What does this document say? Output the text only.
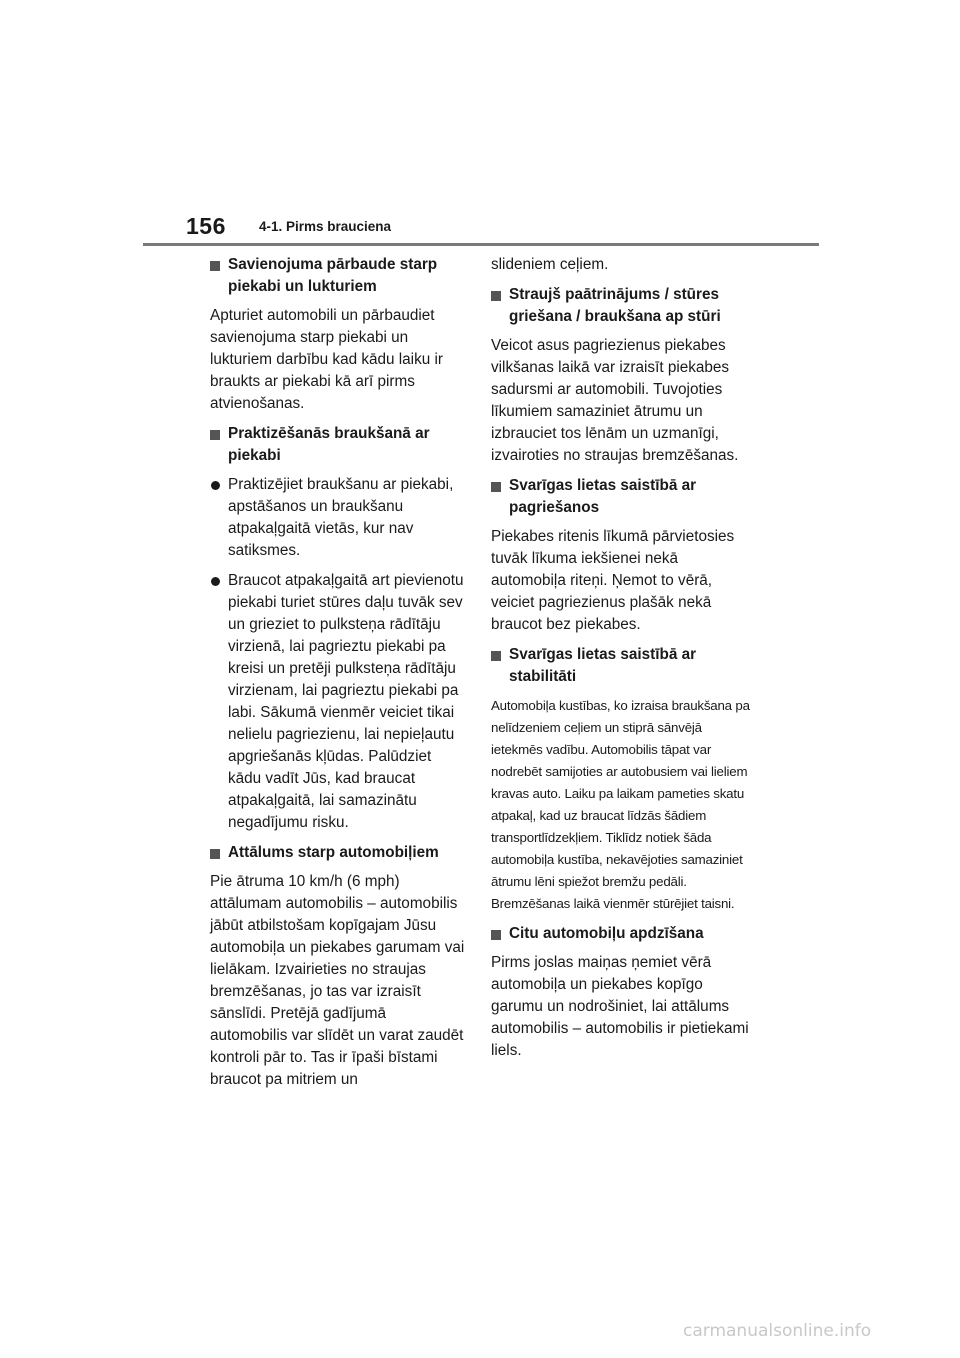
156 4-1. Pirms brauciena
Savienojuma pārbaude starp piekabi un lukturiem

Apturiet automobili un pārbaudiet savienojuma starp piekabi un lukturiem darbību kad kādu laiku ir braukts ar piekabi kā arī pirms atvienošanas.

Praktizēšanās braukšanā ar piekabi
Praktizējiet braukšanu ar piekabi, apstāšanos un braukšanu atpakaļgaitā vietās, kur nav satiksmes.
Braucot atpakaļgaitā art pievienotu piekabi turiet stūres daļu tuvāk sev un grieziet to pulksteņa rādītāju virzienā, lai pagrieztu piekabi pa kreisi un pretēji pulksteņa rādītāju virzienam, lai pagrieztu piekabi pa labi. Sākumā vienmēr veiciet tikai nelielu pagriezienu, lai nepieļautu apgriešanās kļūdas. Palūdziet kādu vadīt Jūs, kad braucat atpakaļgaitā, lai samazinātu negadījumu risku.
Attālums starp automobiļiem

Pie ātruma 10 km/h (6 mph) attālumam automobilis – automobilis jābūt atbilstošam kopīgajam Jūsu automobiļa un piekabes garumam vai lielākam. Izvairieties no straujas bremzēšanas, jo tas var izraisīt sānslīdi. Pretējā gadījumā automobilis var slīdēt un varat zaudēt kontroli pār to. Tas ir īpaši bīstami braucot pa mitriem un

slideniem ceļiem.

Straujš paātrinājums / stūres griešana / braukšana ap stūri

Veicot asus pagriezienus piekabes vilkšanas laikā var izraisīt piekabes sadursmi ar automobili. Tuvojoties līkumiem samaziniet ātrumu un izbrauciet tos lēnām un uzmanīgi, izvairoties no straujas bremzēšanas.

Svarīgas lietas saistībā ar pagriešanos

Piekabes ritenis līkumā pārvietosies tuvāk līkuma iekšienei nekā automobiļa riteņi. Ņemot to vērā, veiciet pagriezienus plašāk nekā braucot bez piekabes.

Svarīgas lietas saistībā ar stabilitāti

Automobiļa kustības, ko izraisa braukšana pa nelīdzeniem ceļiem un stiprā sānvējā ietekmēs vadību. Automobilis tāpat var nodrebēt samijoties ar autobusiem vai lieliem kravas auto. Laiku pa laikam pameties skatu atpakaļ, kad uz braucat līdzās šādiem transportlīdzekļiem. Tiklīdz notiek šāda automobiļa kustība, nekavējoties samaziniet ātrumu lēni spiežot bremžu pedāli. Bremzēšanas laikā vienmēr stūrējiet taisni.

Citu automobiļu apdzīšana

Pirms joslas maiņas ņemiet vērā automobiļa un piekabes kopīgo garumu un nodrošiniet, lai attālums automobilis – automobilis ir pietiekami liels.

carmanualsonline.info
